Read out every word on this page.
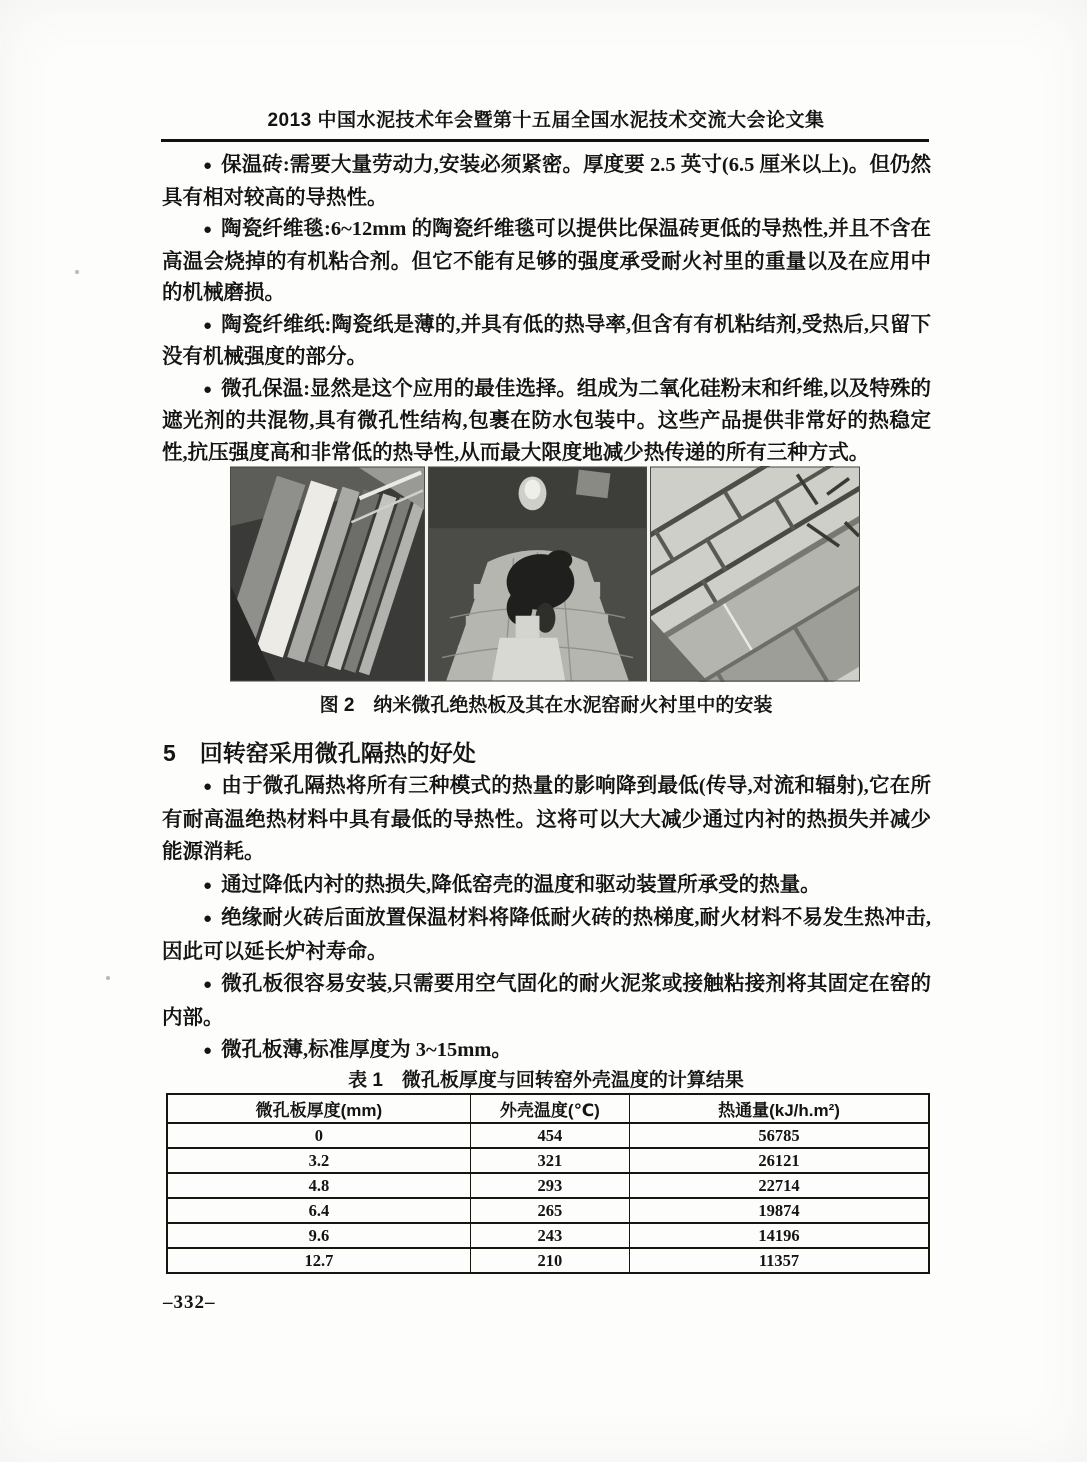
2013 中国水泥技术年会暨第十五届全国水泥技术交流大会论文集

● 保温砖:需要大量劳动力,安装必须紧密。厚度要 2.5 英寸(6.5 厘米以上)。但仍然具有相对较高的导热性。

● 陶瓷纤维毯:6~12mm 的陶瓷纤维毯可以提供比保温砖更低的导热性,并且不含在高温会烧掉的有机粘合剂。但它不能有足够的强度承受耐火衬里的重量以及在应用中的机械磨损。

● 陶瓷纤维纸:陶瓷纸是薄的,并具有低的热导率,但含有有机粘结剂,受热后,只留下没有机械强度的部分。

● 微孔保温:显然是这个应用的最佳选择。组成为二氧化硅粉末和纤维,以及特殊的遮光剂的共混物,具有微孔性结构,包裹在防水包装中。这些产品提供非常好的热稳定性,抗压强度高和非常低的热导性,从而最大限度地减少热传递的所有三种方式。

图 2　纳米微孔绝热板及其在水泥窑耐火衬里中的安装
5 回转窑采用微孔隔热的好处

● 由于微孔隔热将所有三种模式的热量的影响降到最低(传导,对流和辐射),它在所有耐高温绝热材料中具有最低的导热性。这将可以大大减少通过内衬的热损失并减少能源消耗。

● 通过降低内衬的热损失,降低窑壳的温度和驱动装置所承受的热量。

● 绝缘耐火砖后面放置保温材料将降低耐火砖的热梯度,耐火材料不易发生热冲击,因此可以延长炉衬寿命。

● 微孔板很容易安装,只需要用空气固化的耐火泥浆或接触粘接剂将其固定在窑的内部。

● 微孔板薄,标准厚度为 3~15mm。

表 1　微孔板厚度与回转窑外壳温度的计算结果
微孔板厚度(mm)	外壳温度(℃)	热通量(kJ/h.m²)
0	454	56785
3.2	321	26121
4.8	293	22714
6.4	265	19874
9.6	243	14196
12.7	210	11357
–332–
